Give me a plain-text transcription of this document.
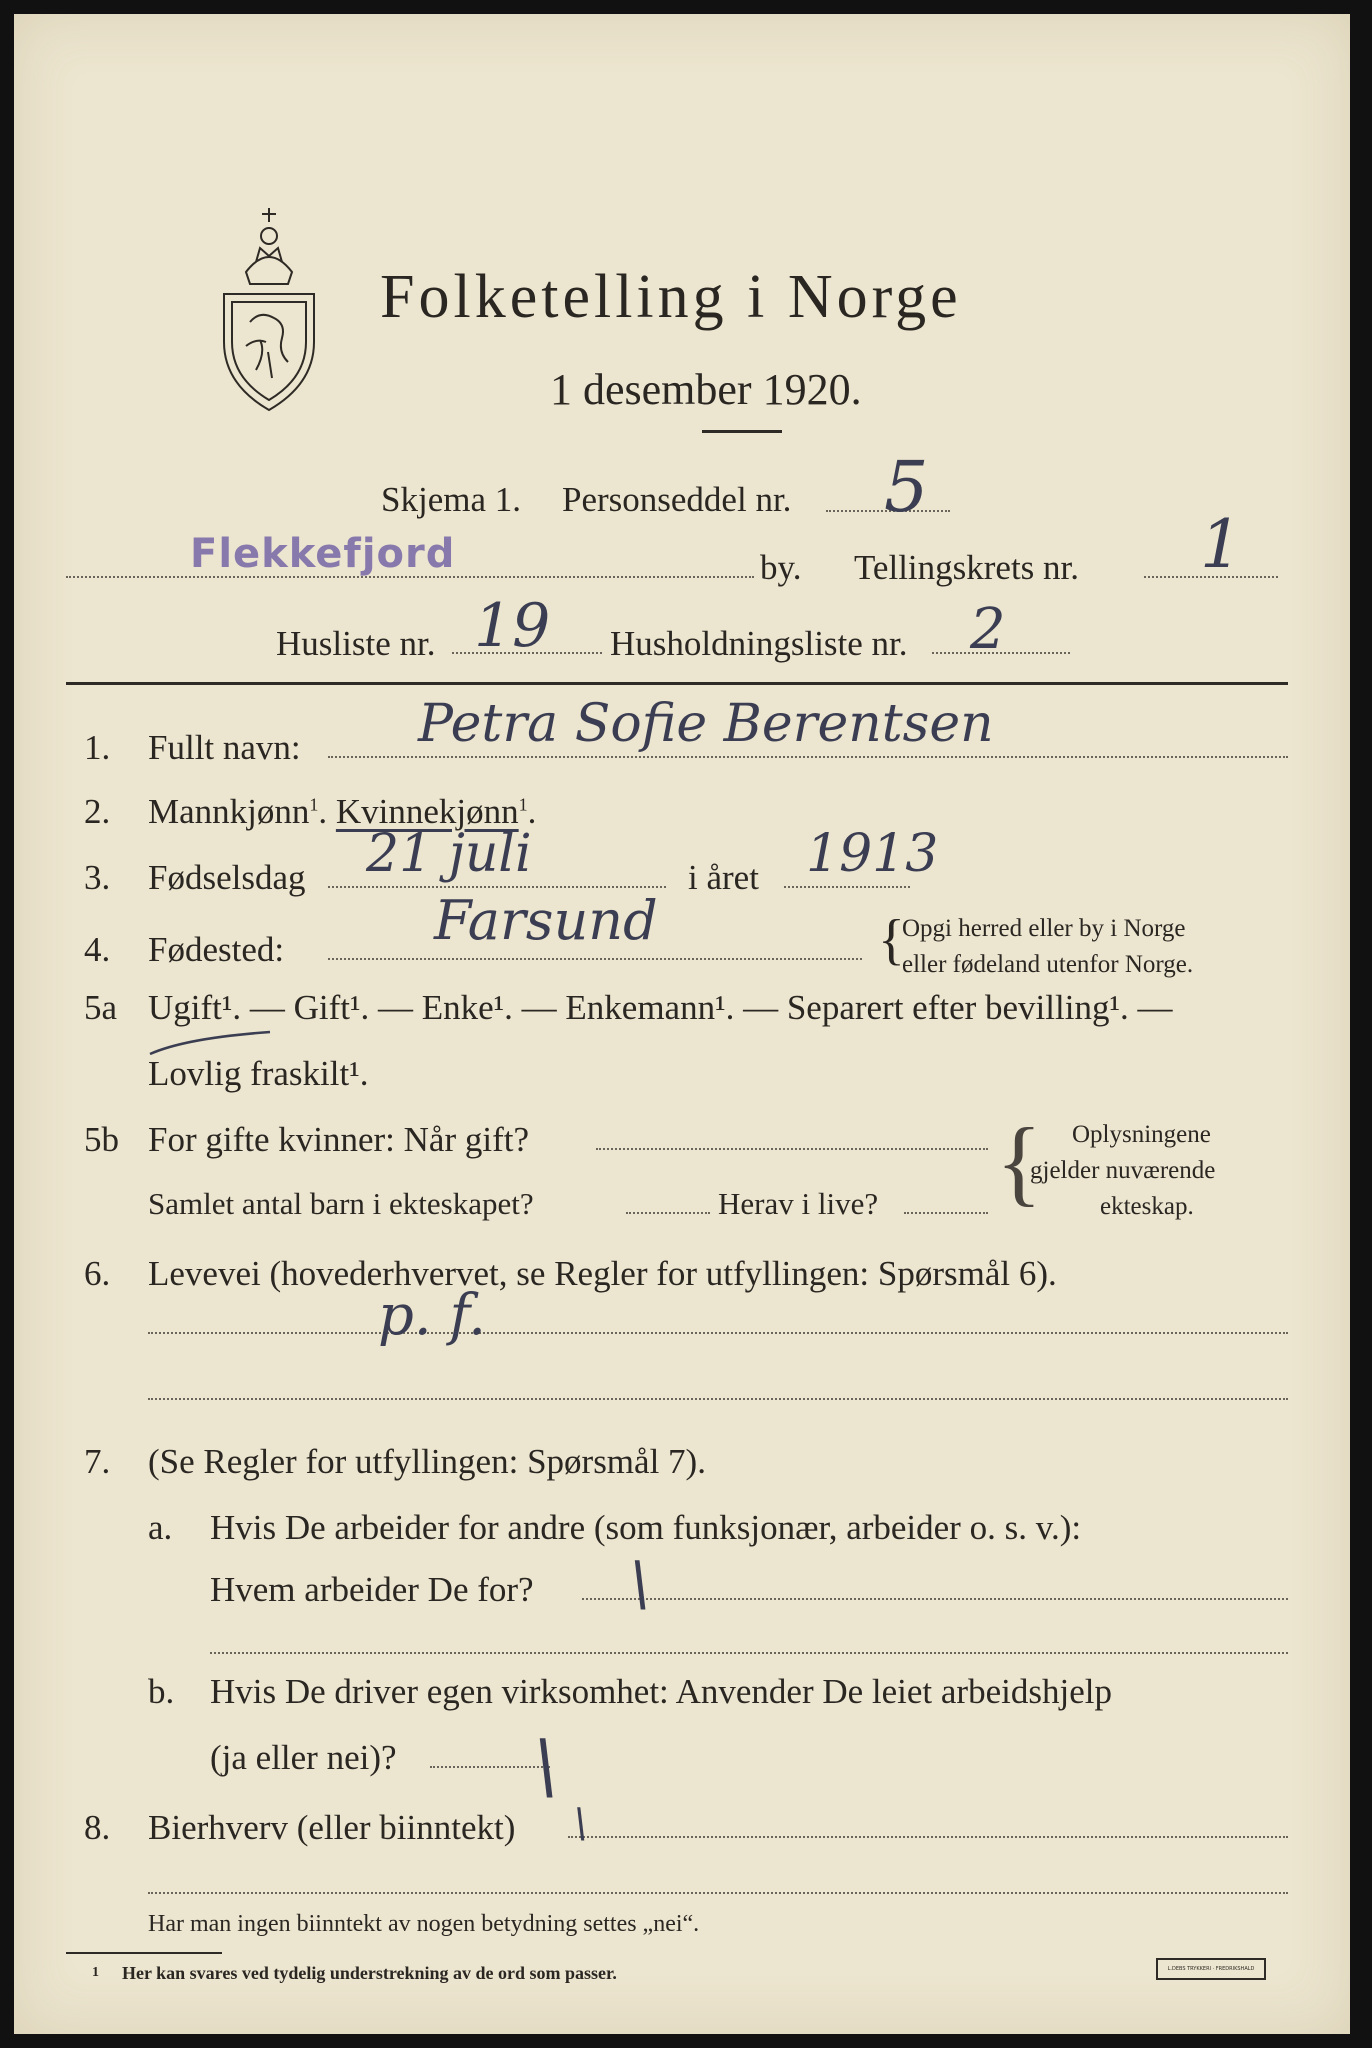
Folketelling i Norge
1 desember 1920.
Skjema 1. Personseddel nr. 5
Flekkefjord	by. Tellingskrets nr. 1
Husliste nr. 19 Husholdningsliste nr. 2
1. Fullt navn: Petra Sofie Berentsen
2. Mannkjønn$^1$. Kvinnekjønn$^1$.
3. Fødselsdag 21 juli	i året 1913
4. Fødested:	Farsund	{
Opgi herred eller by i Norge
eller fødeland utenfor Norge.
5a Ugift¹. — Gift¹. — Enke¹. — Enkemann¹. — Separert efter bevilling¹. —
Lovlig fraskilt¹.
5b For gifte kvinner: Når gift?
Samlet antal barn i ekteskapet?	Herav i live? { Oplysningene
gjelder nuværende
ekteskap.
6. Levevei (hovederhvervet, se Regler for utfyllingen: Spørsmål 6).
p. f.
7. (Se Regler for utfyllingen: Spørsmål 7).
a. Hvis De arbeider for andre (som funksjonær, arbeider o. s. v.):
Hvem arbeider De for? \
b. Hvis De driver egen virksomhet: Anvender De leiet arbeidshjelp
(ja eller nei)? \
8. Bierhverv (eller biinntekt) \
Har man ingen biinntekt av nogen betydning settes „nei“.
1 Her kan svares ved tydelig understrekning av de ord som passer.	L.DEBS TRYKKERI · FREDRIKSHALD
